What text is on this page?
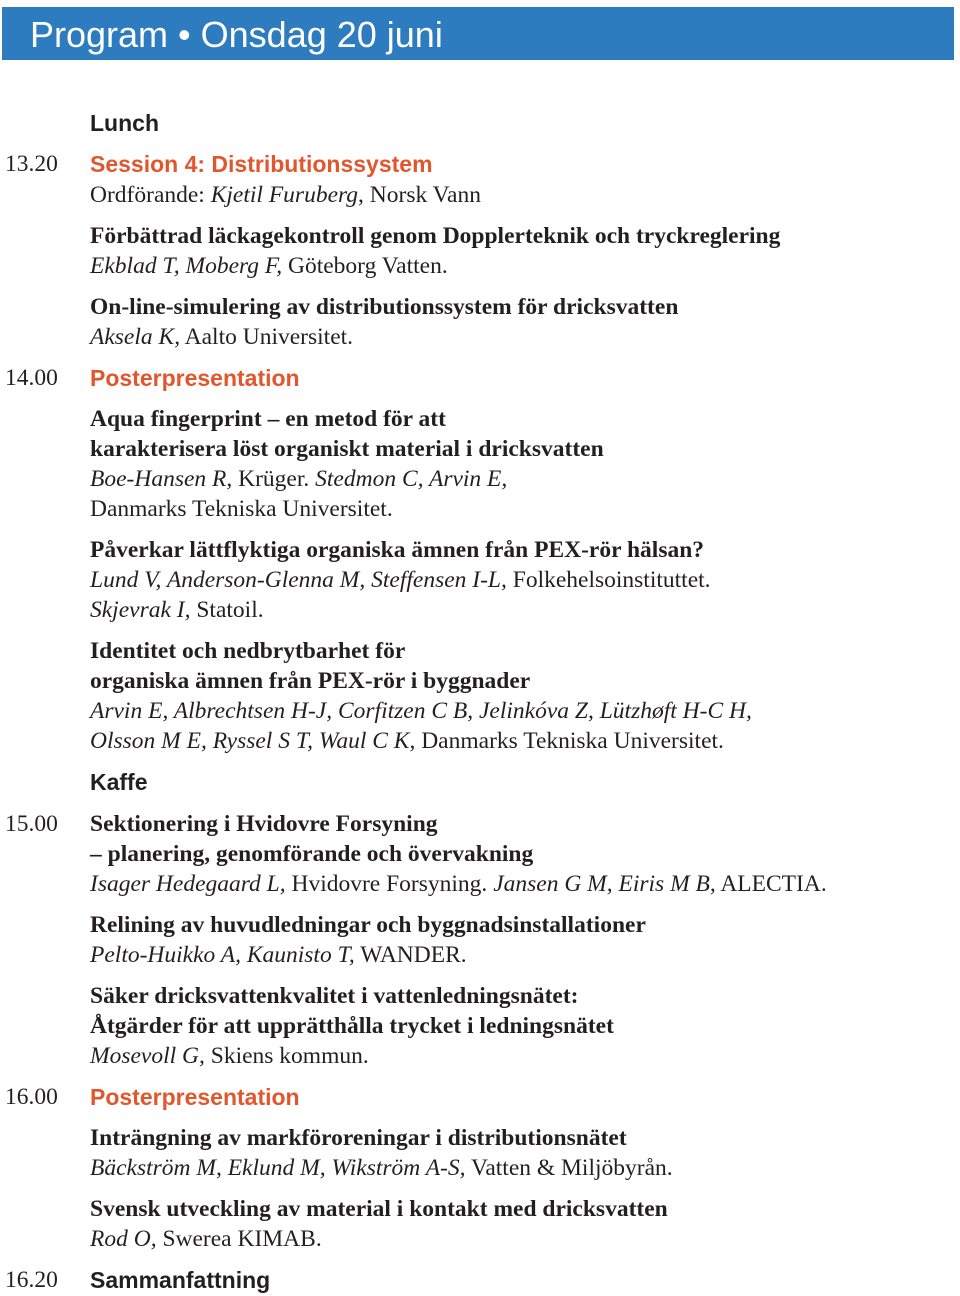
Program • Onsdag 20 juni
Lunch
13.20 Session 4: Distributionssystem
Ordförande: Kjetil Furuberg, Norsk Vann
Förbättrad läckagekontroll genom Dopplerteknik och tryckreglering
Ekblad T, Moberg F, Göteborg Vatten.
On-line-simulering av distributionssystem för dricksvatten
Aksela K, Aalto Universitet.
14.00 Posterpresentation
Aqua fingerprint – en metod för att
karakterisera löst organiskt material i dricksvatten
Boe-Hansen R, Krüger. Stedmon C, Arvin E,
Danmarks Tekniska Universitet.
Påverkar lättflyktiga organiska ämnen från PEX-rör hälsan?
Lund V, Anderson-Glenna M, Steffensen I-L, Folkehelsoinstituttet.
Skjevrak I, Statoil.
Identitet och nedbrytbarhet för
organiska ämnen från PEX-rör i byggnader
Arvin E, Albrechtsen H-J, Corfitzen C B, Jelinkóva Z, Lützhøft H-C H,
Olsson M E, Ryssel S T, Waul C K, Danmarks Tekniska Universitet.
Kaffe
15.00 Sektionering i Hvidovre Forsyning
– planering, genomförande och övervakning
Isager Hedegaard L, Hvidovre Forsyning. Jansen G M, Eiris M B, ALECTIA.
Relining av huvudledningar och byggnadsinstallationer
Pelto-Huikko A, Kaunisto T, WANDER.
Säker dricksvattenkvalitet i vattenledningsnätet:
Åtgärder för att upprätthålla trycket i ledningsnätet
Mosevoll G, Skiens kommun.
16.00 Posterpresentation
Inträngning av markföroreningar i distributionsnätet
Bäckström M, Eklund M, Wikström A-S, Vatten & Miljöbyrån.
Svensk utveckling av material i kontakt med dricksvatten
Rod O, Swerea KIMAB.
16.20 Sammanfattning
